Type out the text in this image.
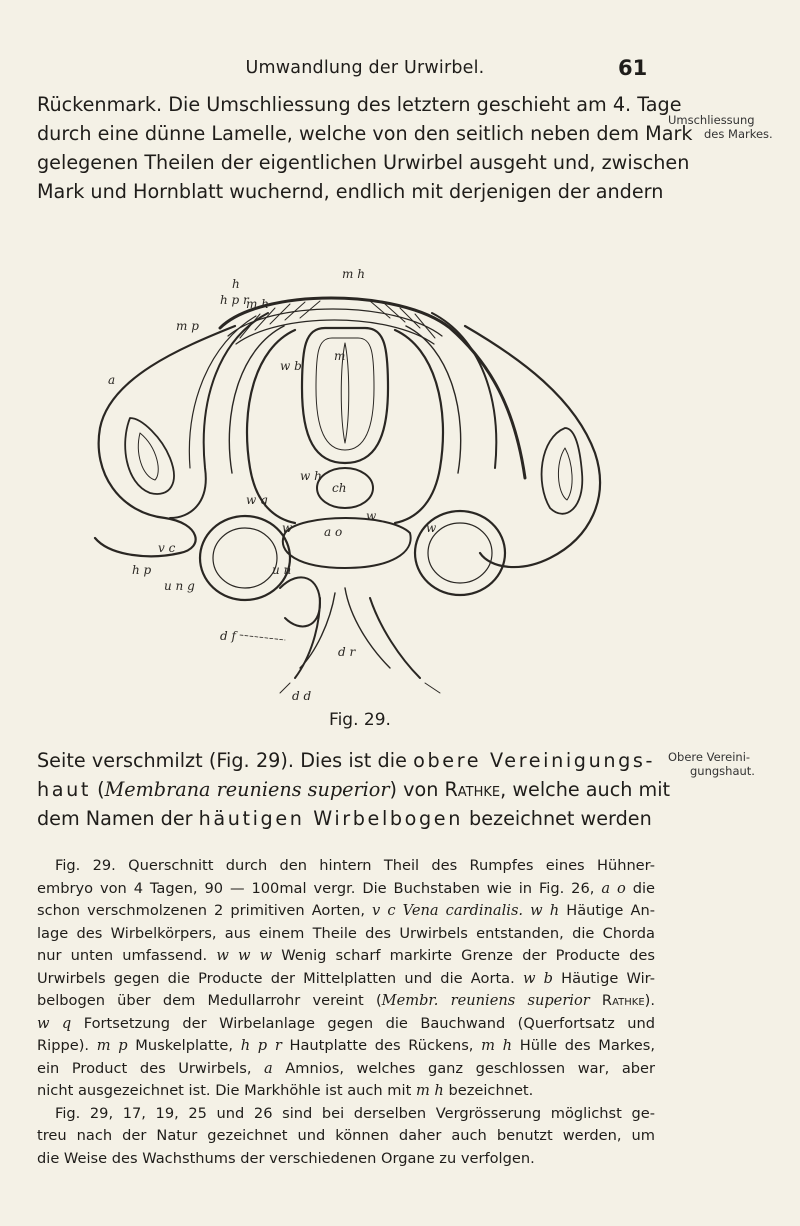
Umwandlung der Urwirbel.	61
Rückenmark. Die Umschliessung des letztern geschieht am 4. Tage
durch eine dünne Lamelle, welche von den seitlich neben dem Mark
gelegenen Theilen der eigentlichen Urwirbel ausgeht und, zwischen
Mark und Hornblatt wuchernd, endlich mit derjenigen der andern
Umschliessung
des Markes.
m h
h
m h
h p r
m p
w b
m
a
w h
ch
w q
w	a o
w
w
v c
h p
u n g
u n
d f
d r
d d
Fig. 29.
Seite verschmilzt (Fig. 29). Dies ist die obere Vereinigungs-
haut (Membrana reuniens superior) von Rathke, welche auch mit
dem Namen der häutigen Wirbelbogen bezeichnet werden
Obere Vereini-
gungshaut.
Fig. 29. Querschnitt durch den hintern Theil des Rumpfes eines Hühner-
embryo von 4 Tagen, 90 — 100mal vergr. Die Buchstaben wie in Fig. 26, a o die
schon verschmolzenen 2 primitiven Aorten, v c Vena cardinalis. w h Häutige An-
lage des Wirbelkörpers, aus einem Theile des Urwirbels entstanden, die Chorda
nur unten umfassend. w w w Wenig scharf markirte Grenze der Producte des
Urwirbels gegen die Producte der Mittelplatten und die Aorta. w b Häutige Wir-
belbogen über dem Medullarrohr vereint (Membr. reuniens superior Rathke).
w q Fortsetzung der Wirbelanlage gegen die Bauchwand (Querfortsatz und
Rippe). m p Muskelplatte, h p r Hautplatte des Rückens, m h Hülle des Markes,
ein Product des Urwirbels, a Amnios, welches ganz geschlossen war, aber
nicht ausgezeichnet ist. Die Markhöhle ist auch mit m h bezeichnet.
Fig. 29, 17, 19, 25 und 26 sind bei derselben Vergrösserung möglichst ge-
treu nach der Natur gezeichnet und können daher auch benutzt werden, um
die Weise des Wachsthums der verschiedenen Organe zu verfolgen.
